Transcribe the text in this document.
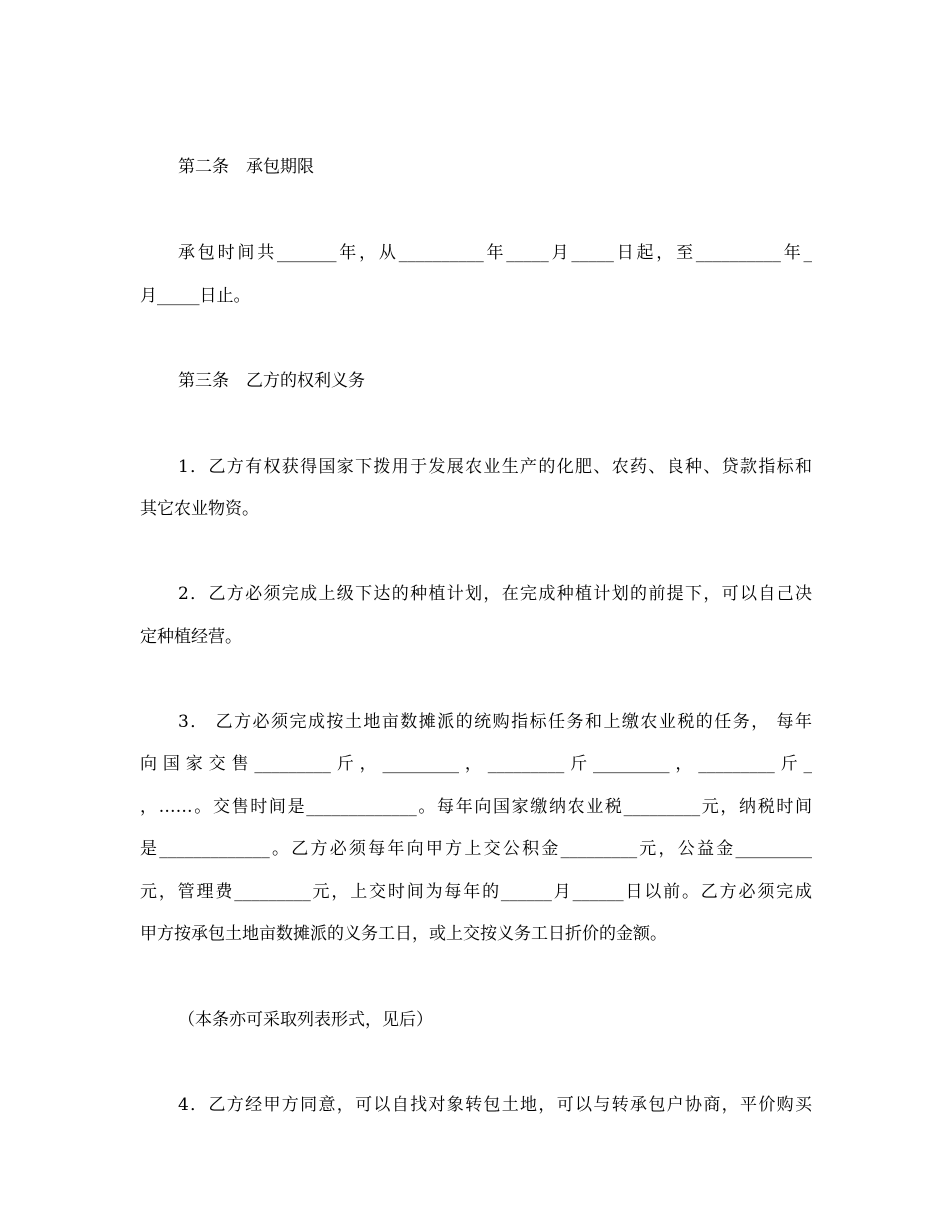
第二条　承包期限
承包时间共_______年，从__________年_____月_____日起，至__________年_
月_____日止。
第三条　乙方的权利义务
1．乙方有权获得国家下拨用于发展农业生产的化肥、农药、良种、贷款指标和
其它农业物资。
2．乙方必须完成上级下达的种植计划，在完成种植计划的前提下，可以自己决
定种植经营。
3． 乙方必须完成按土地亩数摊派的统购指标任务和上缴农业税的任务， 每年
向国家交售_________斤，_________，_________斤_________，_________斤_
，……。交售时间是_____________。每年向国家缴纳农业税_________元，纳税时间
是_____________。乙方必须每年向甲方上交公积金_________元，公益金_________
元，管理费_________元，上交时间为每年的______月______日以前。乙方必须完成
甲方按承包土地亩数摊派的义务工日，或上交按义务工日折价的金额。
（本条亦可采取列表形式，见后）
4．乙方经甲方同意，可以自找对象转包土地，可以与转承包户协商，平价购买
